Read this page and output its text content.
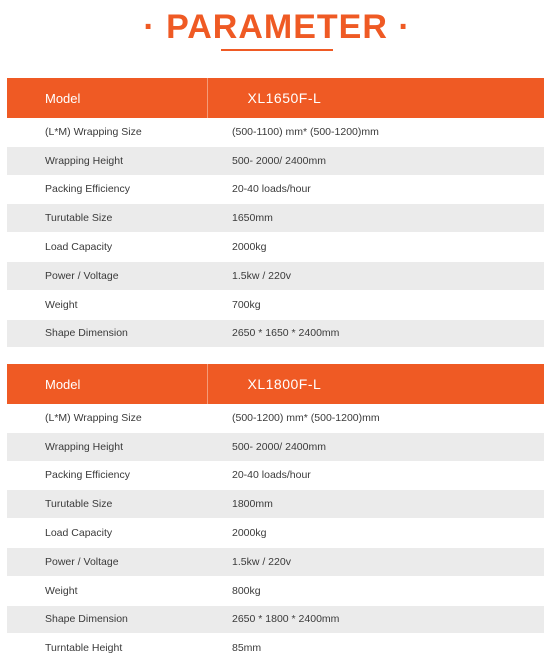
· PARAMETER ·
Model	XL1650F-L
(L*M) Wrapping Size	(500-1100) mm* (500-1200)mm
Wrapping Height	500- 2000/ 2400mm
Packing Efficiency	20-40 loads/hour
Turutable Size	1650mm
Load Capacity	2000kg
Power / Voltage	1.5kw / 220v
Weight	700kg
Shape Dimension	2650 * 1650 * 2400mm
Model	XL1800F-L
(L*M) Wrapping Size	(500-1200) mm* (500-1200)mm
Wrapping Height	500- 2000/ 2400mm
Packing Efficiency	20-40 loads/hour
Turutable Size	1800mm
Load Capacity	2000kg
Power / Voltage	1.5kw / 220v
Weight	800kg
Shape Dimension	2650 * 1800 * 2400mm
Turntable Height	85mm
